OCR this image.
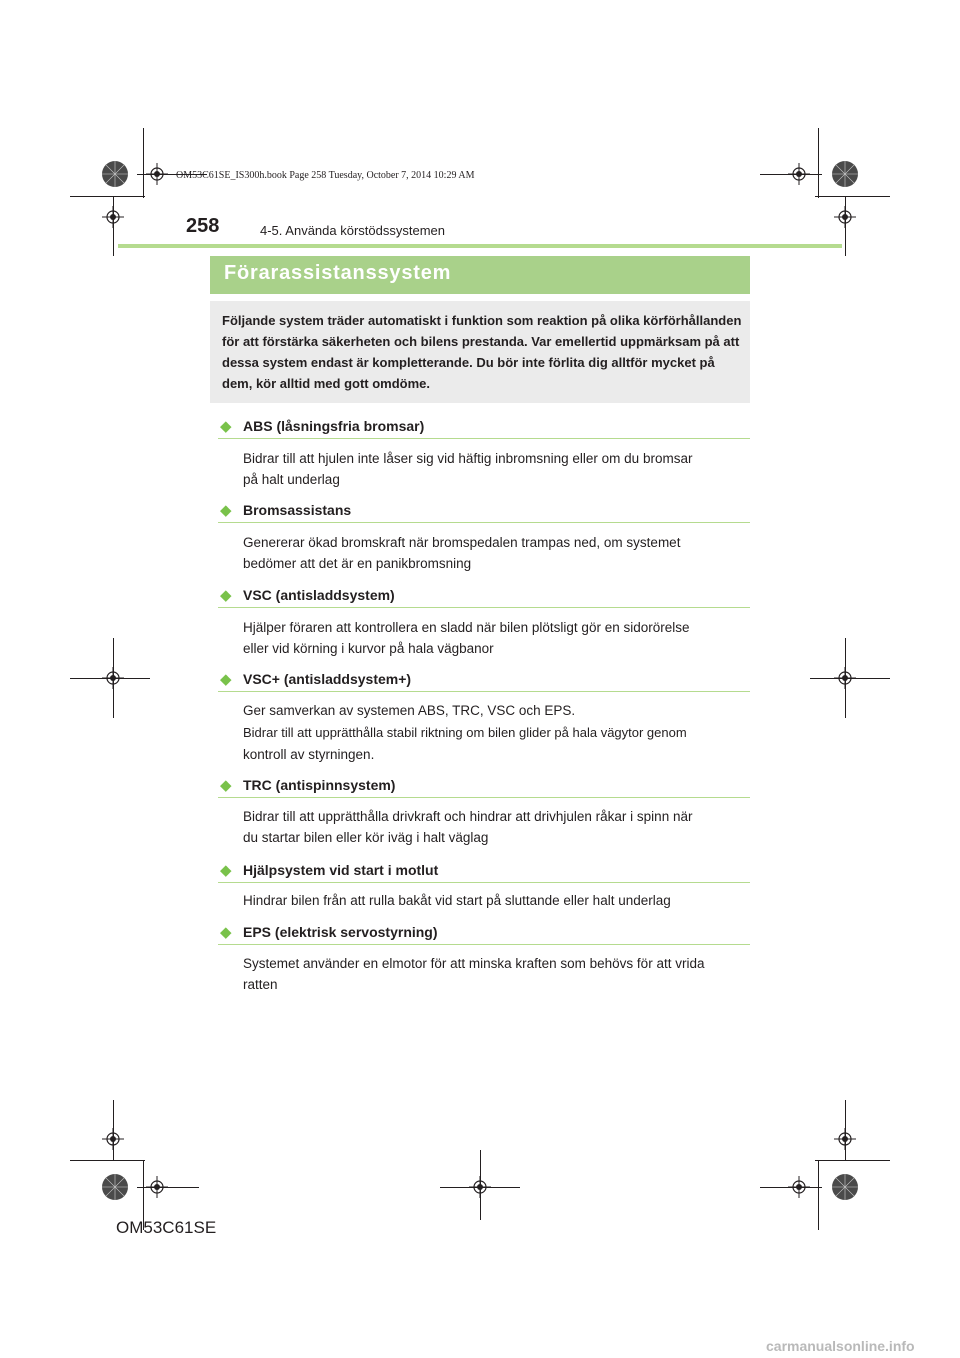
OM53C61SE_IS300h.book Page 258 Tuesday, October 7, 2014 10:29 AM
258	4-5. Använda körstödssystemen
Förarassistanssystem
Följande system träder automatiskt i funktion som reaktion på olika körförhållanden
för att förstärka säkerheten och bilens prestanda. Var emellertid uppmärksam på att
dessa system endast är kompletterande. Du bör inte förlita dig alltför mycket på
dem, kör alltid med gott omdöme.
◆ ABS (låsningsfria bromsar)
Bidrar till att hjulen inte låser sig vid häftig inbromsning eller om du bromsar
på halt underlag
◆ Bromsassistans
Genererar ökad bromskraft när bromspedalen trampas ned, om systemet
bedömer att det är en panikbromsning
◆ VSC (antisladdsystem)
Hjälper föraren att kontrollera en sladd när bilen plötsligt gör en sidorörelse
eller vid körning i kurvor på hala vägbanor
◆ VSC+ (antisladdsystem+)
Ger samverkan av systemen ABS, TRC, VSC och EPS.
Bidrar till att upprätthålla stabil riktning om bilen glider på hala vägytor genom
kontroll av styrningen.
◆ TRC (antispinnsystem)
Bidrar till att upprätthålla drivkraft och hindrar att drivhjulen råkar i spinn när
du startar bilen eller kör iväg i halt väglag
◆ Hjälpsystem vid start i motlut
Hindrar bilen från att rulla bakåt vid start på sluttande eller halt underlag
◆ EPS (elektrisk servostyrning)
Systemet använder en elmotor för att minska kraften som behövs för att vrida
ratten
OM53C61SE
carmanualsonline.info
